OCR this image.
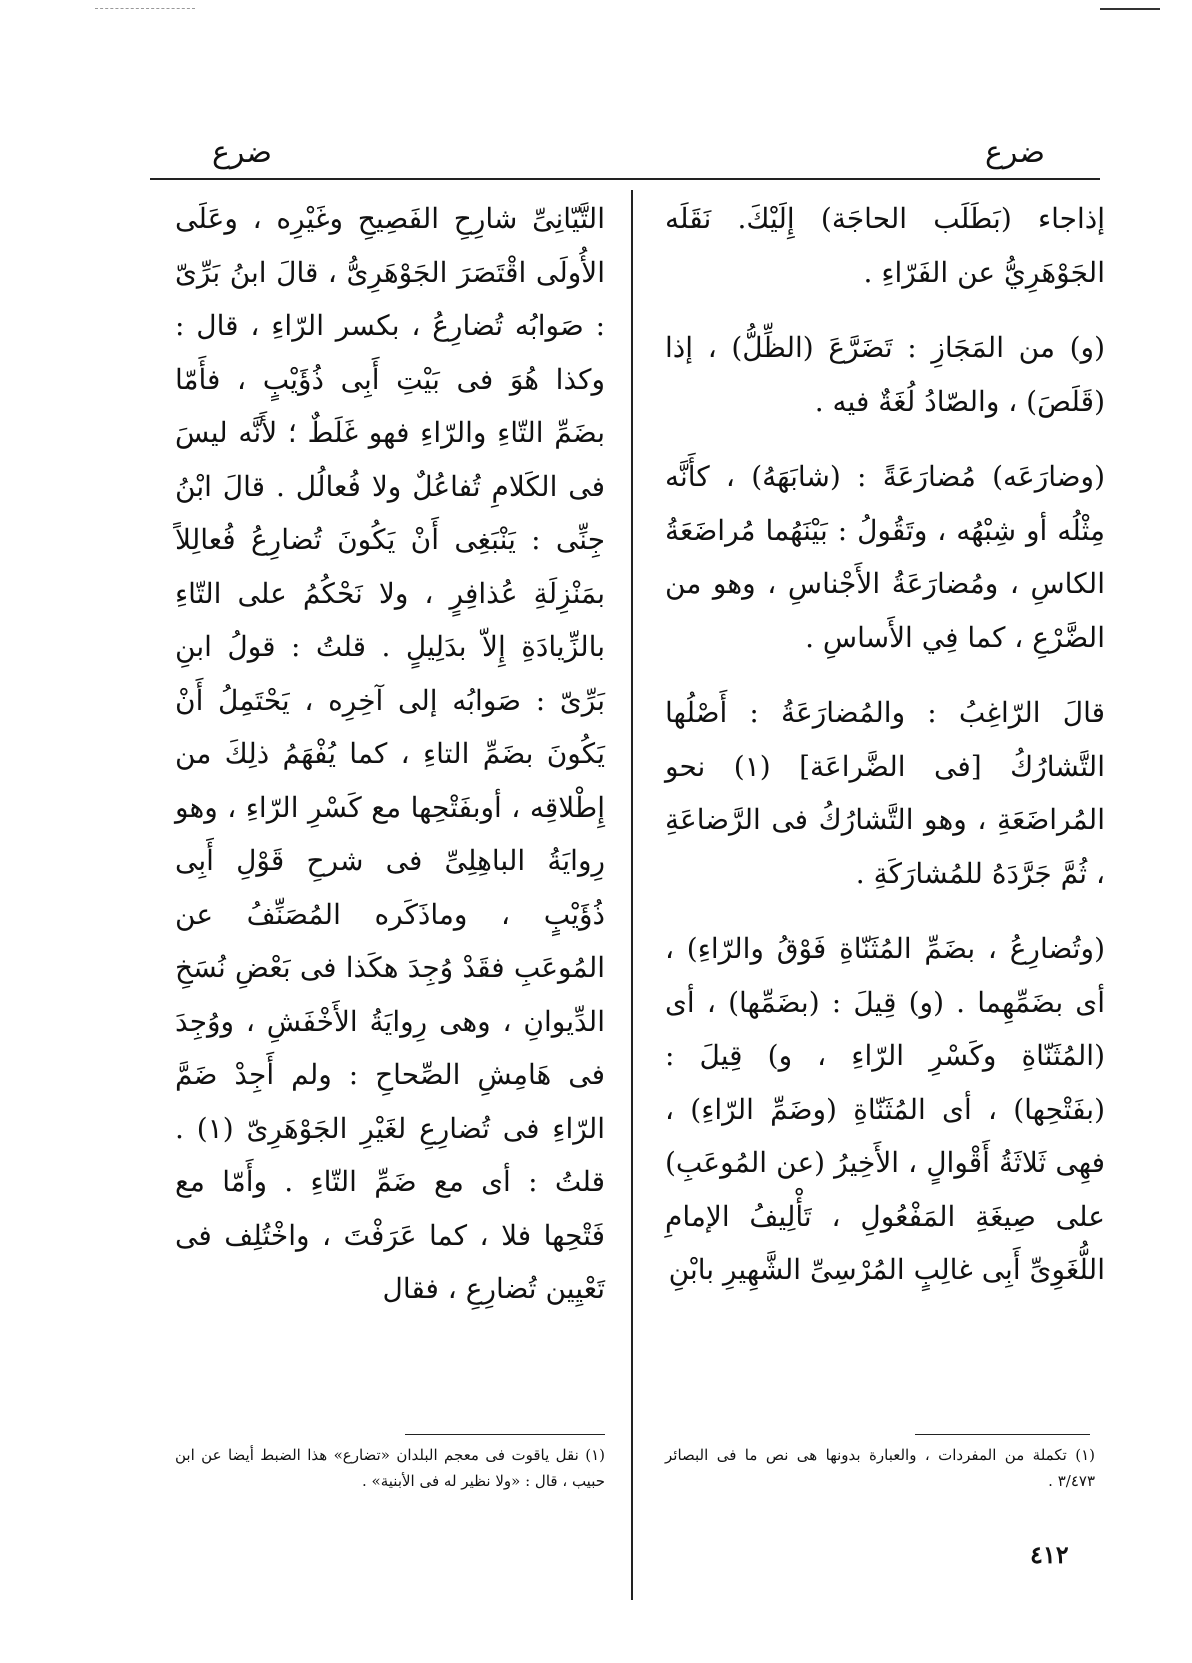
ضرع	ضرع

إذاجاء (بَطَلَب الحاجَة) إِلَيْكَ. نَقَلَه الجَوْهَرِيُّ عن الفَرّاءِ .

(و) من المَجَازِ : تَضَرَّعَ (الظِّلُّ) ، إذا (قَلَصَ) ، والصّادُ لُغَةٌ فيه .

(وضارَعَه) مُضارَعَةً : (شابَهَهُ) ، كأَنَّه مِثْلُه أو شِبْهُه ، وتَقُولُ : بَيْنَهُما مُراضَعَةُ الكاسِ ، ومُضارَعَةُ الأَجْناسِ ، وهو من الضَّرْعِ ، كما فِي الأَساسِ .

قالَ الرّاغِبُ : والمُضارَعَةُ : أَصْلُها التَّشارُكُ [فى الضَّراعَة] (١) نحو المُراضَعَةِ ، وهو التَّشارُكُ فى الرَّضاعَةِ ، ثُمَّ جَرَّدَهُ للمُشارَكَةِ .

(وتُضارِعُ ، بضَمِّ المُثَنّاةِ فَوْقُ والرّاءِ) ، أى بضَمِّهِما . (و) قِيلَ : (بضَمِّها) ، أى (المُثَنّاةِ وكَسْرِ الرّاءِ ، و) قِيلَ : (بفَتْحِها) ، أى المُثَنّاةِ (وضَمِّ الرّاءِ) ، فهِى ثَلاثَةُ أَقْوالٍ ، الأَخِيرُ (عن المُوعَبِ) على صِيغَةِ المَفْعُولِ ، تَأْلِيفُ الإمامِ اللُّغَوِىِّ أَبِى غالِبٍ المُرْسِىِّ الشَّهِيرِ بابْنِ

التَّيّانِىِّ شارِحِ الفَصِيحِ وغَيْرِه ، وعَلَى الأُولَى اقْتَصَرَ الجَوْهَرِىُّ ، قالَ ابنُ بَرِّىّ : صَوابُه تُضارِعُ ، بكسر الرّاءِ ، قال : وكذا هُوَ فى بَيْتِ أَبِى ذُؤَيْبٍ ، فأَمّا بضَمِّ التّاءِ والرّاءِ فهو غَلَطٌ ؛ لأَنَّه ليسَ فى الكَلامِ تُفاعُلٌ ولا فُعالُل . قالَ ابْنُ جِنِّى : يَنْبَغِى أَنْ يَكُونَ تُضارِعُ فُعالِلاً بمَنْزِلَةِ عُذافِرٍ ، ولا نَحْكُمُ على التّاءِ بالزِّيادَةِ إِلاّ بدَلِيلٍ . قلتُ : قولُ ابنِ بَرِّىّ : صَوابُه إلى آخِرِه ، يَحْتَمِلُ أَنْ يَكُونَ بضَمِّ التاءِ ، كما يُفْهَمُ ذلِكَ من إِطْلاقِه ، أوبفَتْحِها مع كَسْرِ الرّاءِ ، وهو رِوايَةُ الباهِلِىِّ فى شرحِ قَوْلِ أَبِى ذُؤَيْبٍ ، وماذَكَره المُصَنِّفُ عن المُوعَبِ فقَدْ وُجِدَ هكَذا فى بَعْضِ نُسَخِ الدِّيوانِ ، وهى رِوايَةُ الأَخْفَشِ ، ووُجِدَ فى هَامِشِ الصِّحاحِ : ولم أَجِدْ ضَمَّ الرّاءِ فى تُضارِعِ لغَيْرِ الجَوْهَرِىّ (١) . قلتُ : أى مع ضَمِّ التّاءِ . وأَمّا مع فَتْحِها فلا ، كما عَرَفْتَ ، واخْتُلِف فى تَعْيِين تُضارِعِ ، فقال

(١) تكملة من المفردات ، والعبارة بدونها هى نص ما فى البصائر ٣/٤٧٣ .
(١) نقل ياقوت فى معجم البلدان «تضارع» هذا الضبط أيضا عن ابن حبيب ، قال : «ولا نظير له فى الأبنية» .
٤١٢
